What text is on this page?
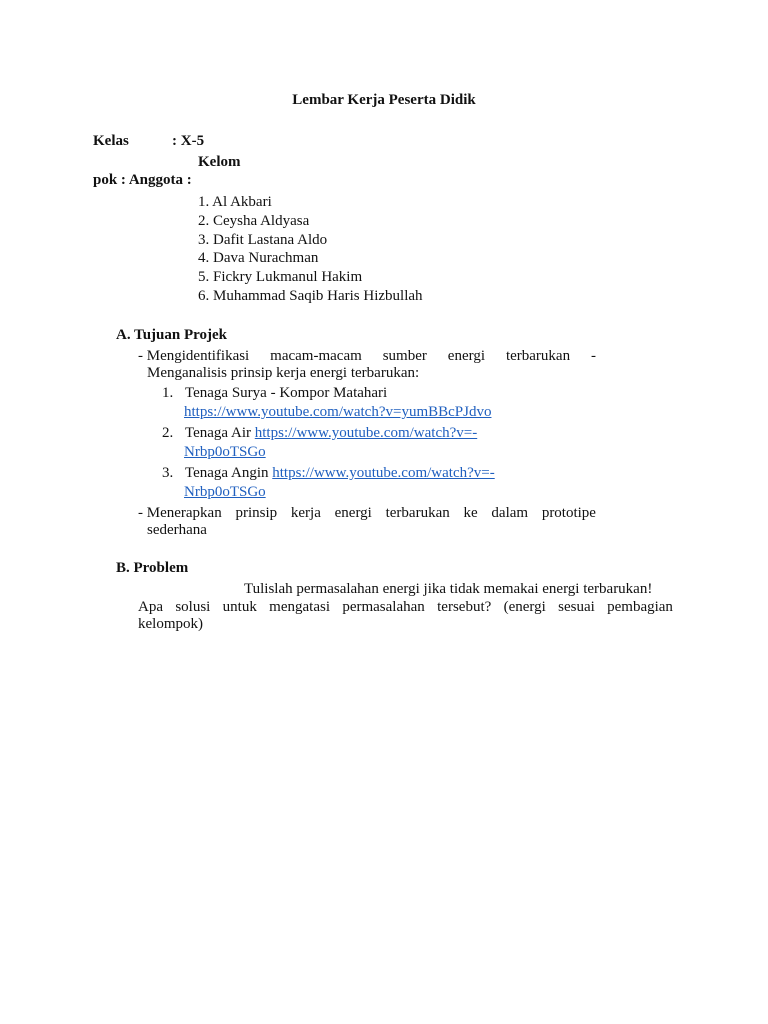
Lembar Kerja Peserta Didik
Kelas	: X-5
Kelom
pok : Anggota :
1. Al Akbari
2. Ceysha Aldyasa
3. Dafit Lastana Aldo
4. Dava Nurachman
5. Fickry Lukmanul Hakim
6. Muhammad Saqib Haris Hizbullah
A. Tujuan Projek
- Mengidentifikasi macam-macam sumber energi terbarukan -
Menganalisis prinsip kerja energi terbarukan:
1. Tenaga Surya - Kompor Matahari
https://www.youtube.com/watch?v=yumBBcPJdvo
2. Tenaga Air https://www.youtube.com/watch?v=-
Nrbp0oTSGo
3. Tenaga Angin https://www.youtube.com/watch?v=-
Nrbp0oTSGo
- Menerapkan prinsip kerja energi terbarukan ke dalam prototipe
sederhana
B. Problem
Tulislah permasalahan energi jika tidak memakai energi terbarukan!
Apa solusi untuk mengatasi permasalahan tersebut? (energi sesuai pembagian
kelompok)
